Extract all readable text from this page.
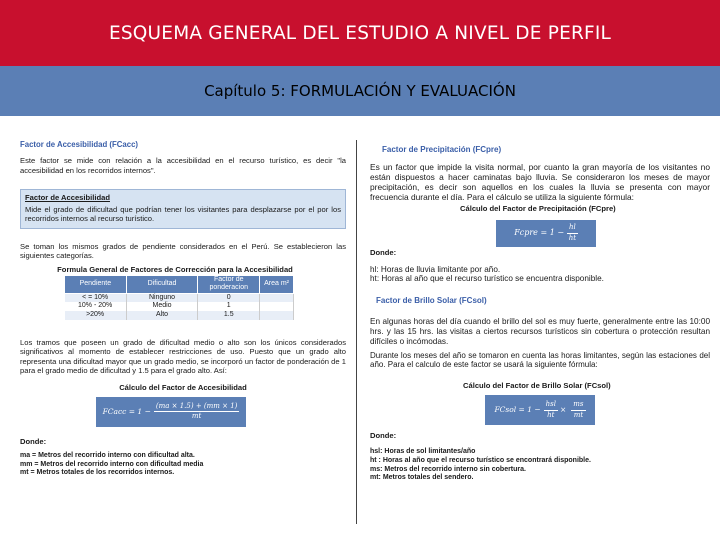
ESQUEMA GENERAL DEL ESTUDIO A NIVEL DE PERFIL
Capítulo 5: FORMULACIÓN Y EVALUACIÓN
Factor de Accesibilidad (FCacc)
Este factor se mide con relación a la accesibilidad en el recurso turístico, es decir "la accesibilidad en los recorridos internos".
Factor de Accesibilidad
Mide el grado de dificultad que podrían tener los visitantes para desplazarse por el por los recorridos internos al recurso turístico.
Se toman los mismos grados de pendiente considerados en el Perú. Se establecieron las siguientes categorías.
Formula General de Factores de Corrección para la Accesibilidad
Pendiente	Dificultad	Factor de ponderacion	Area m²
< = 10%	Ninguno	0	
10% - 20%	Medio	1	
>20%	Alto	1.5	
Los tramos que poseen un grado de dificultad medio o alto son los únicos considerados significativos al momento de establecer restricciones de uso. Puesto que un grado alto representa una dificultad mayor que un grado medio, se incorporó un factor de ponderación de 1 para el grado medio de dificultad y 1.5 para el grado alto. Así:
Cálculo del Factor de Accesibilidad
FCacc = $1 - \frac{(ma \times 1.5) + (mm \times 1)}{mt}$
Donde:
ma = Metros del recorrido interno con dificultad alta.
mm = Metros del recorrido interno con dificultad media
mt = Metros totales de los recorridos internos.
Factor de Precipitación (FCpre)
Es un factor que impide la visita normal, por cuanto la gran mayoría de los visitantes no están dispuestos a hacer caminatas bajo lluvia. Se consideraron los meses de mayor precipitación, es decir son aquellos en los cuales la lluvia se presenta con mayor frecuencia durante el día. Para el cálculo se utiliza la siguiente fórmula:
Cálculo del Factor de Precipitación (FCpre)
Fcpre = $1 - \frac{hl}{ht}$
Donde:
hl: Horas de lluvia limitante por año.
ht: Horas al año que el recurso turístico se encuentra disponible.
Factor de Brillo Solar (FCsol)
En algunas horas del día cuando el brillo del sol es muy fuerte, generalmente entre las 10:00 hrs. y las 15 hrs. las visitas a ciertos recursos turísticos sin cobertura o protección resultan difíciles o incómodas.
Durante los meses del año se tomaron en cuenta las horas limitantes, según las estaciones del año. Para el calculo de este factor se usará la siguiente fórmula:
Cálculo del Factor de Brillo Solar (FCsol)
FCsol = $1 - \frac{\text{hsl}}{ht} \times \frac{ms}{mt}$
Donde:
hsl: Horas de sol limitantes/año
ht : Horas al año que el recurso turístico se encontrará disponible.
ms: Metros del recorrido interno sin cobertura.
mt: Metros totales del sendero.
